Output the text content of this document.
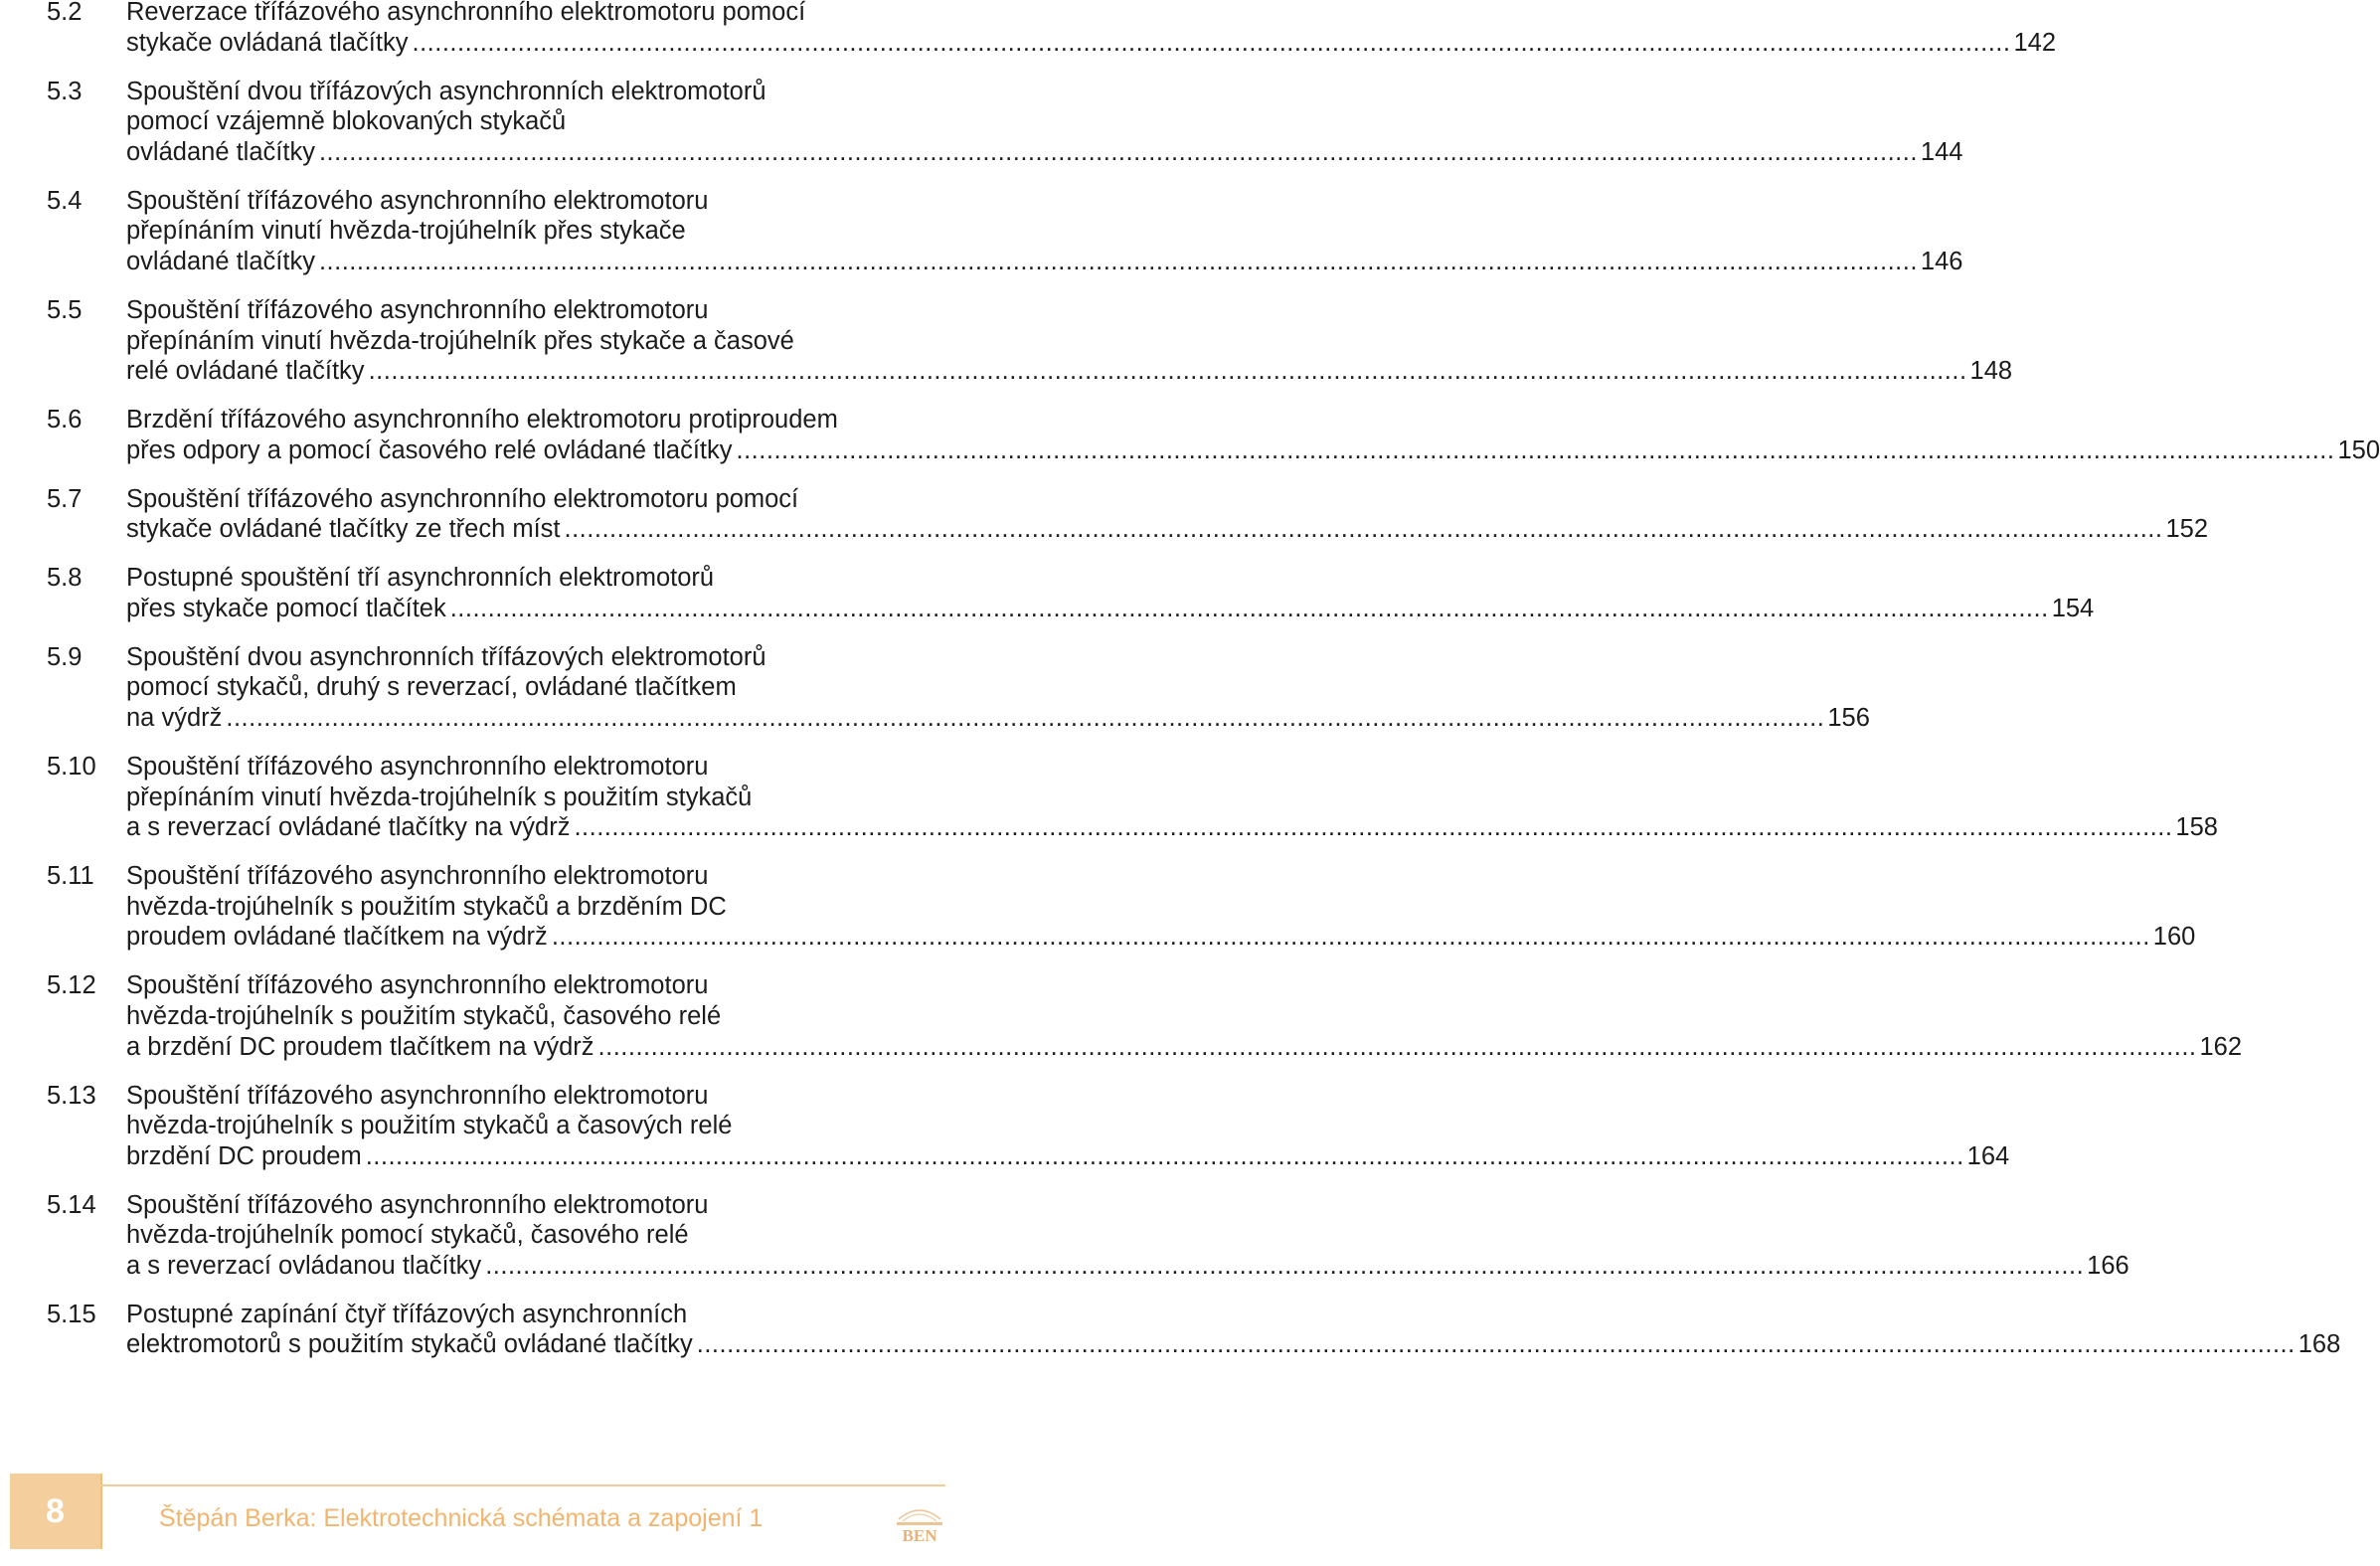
5.2	Reverzace třífázového asynchronního elektromotoru pomocí
stykače ovládaná tlačítky .....	142
5.3	Spouštění dvou třífázových asynchronních elektromotorů
pomocí vzájemně blokovaných stykačů
ovládané tlačítky .....	144
5.4	Spouštění třífázového asynchronního elektromotoru
přepínáním vinutí hvězda-trojúhelník přes stykače
ovládané tlačítky .....	146
5.5	Spouštění třífázového asynchronního elektromotoru
přepínáním vinutí hvězda-trojúhelník přes stykače a časové
relé ovládané tlačítky .....	148
5.6	Brzdění třífázového asynchronního elektromotoru protiproudem
přes odpory a pomocí časového relé ovládané tlačítky .....	150
5.7	Spouštění třífázového asynchronního elektromotoru pomocí
stykače ovládané tlačítky ze třech míst .....	152
5.8	Postupné spouštění tří asynchronních elektromotorů
přes stykače pomocí tlačítek .....	154
5.9	Spouštění dvou asynchronních třífázových elektromotorů
pomocí stykačů, druhý s reverzací, ovládané tlačítkem
na výdrž .....	156
5.10	Spouštění třífázového asynchronního elektromotoru
přepínáním vinutí hvězda-trojúhelník s použitím stykačů
a s reverzací ovládané tlačítky na výdrž .....	158
5.11	Spouštění třífázového asynchronního elektromotoru
hvězda-trojúhelník s použitím stykačů a brzděním DC
proudem ovládané tlačítkem na výdrž .....	160
5.12	Spouštění třífázového asynchronního elektromotoru
hvězda-trojúhelník s použitím stykačů, časového relé
a brzdění DC proudem tlačítkem na výdrž .....	162
5.13	Spouštění třífázového asynchronního elektromotoru
hvězda-trojúhelník s použitím stykačů a časových relé
brzdění DC proudem .....	164
5.14	Spouštění třífázového asynchronního elektromotoru
hvězda-trojúhelník pomocí stykačů, časového relé
a s reverzací ovládanou tlačítky .....	166
5.15	Postupné zapínání čtyř třífázových asynchronních
elektromotorů s použitím stykačů ovládané tlačítky .....	168
8	Štěpán Berka: Elektrotechnická schémata a zapojení 1
BEN
